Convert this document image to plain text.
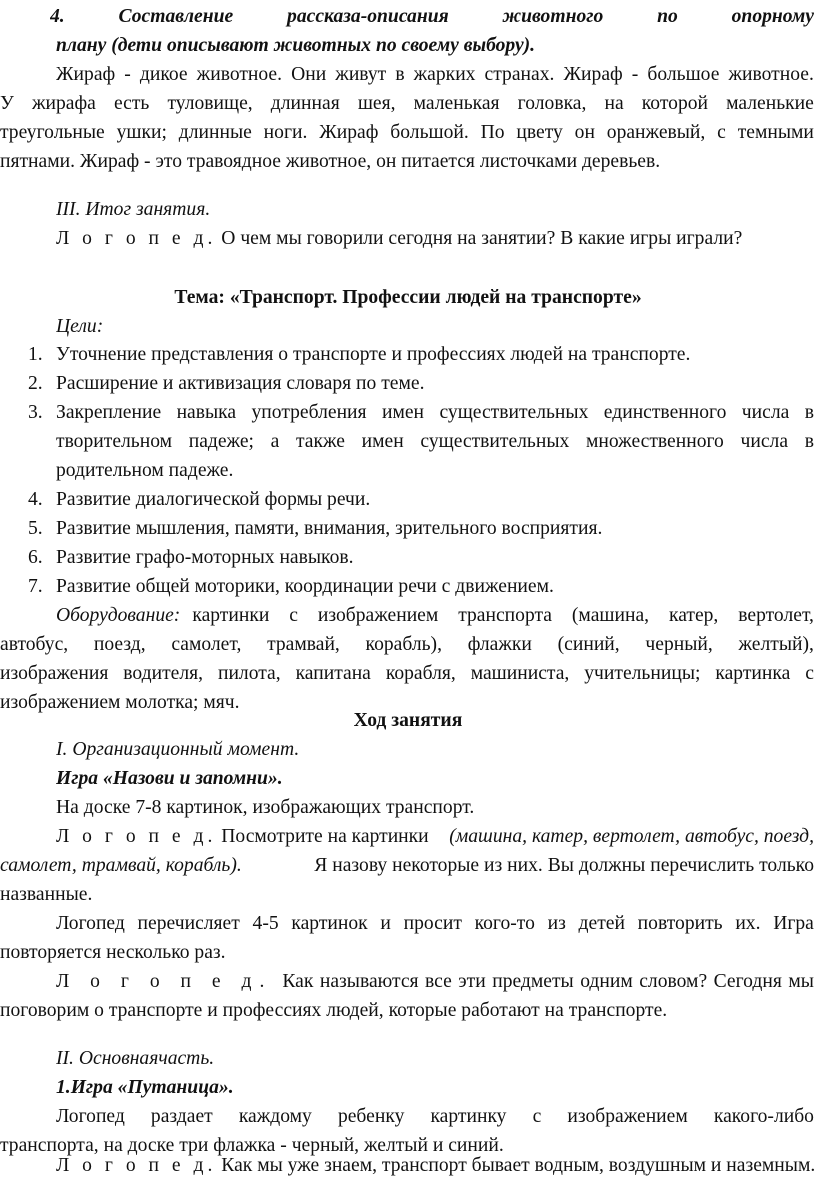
4.	Составление	рассказа-описания	животного	по	опорному
плану (дети описывают животных по своему выбору).
Жираф - дикое животное. Они живут в жарких странах. Жираф - большое животное.
У жирафа есть туловище, длинная шея, маленькая головка, на которой маленькие
треугольные ушки; длинные ноги. Жираф большой. По цвету он оранжевый, с темными
пятнами. Жираф - это травоядное животное, он питается листочками деревьев.
III. Итог занятия.
Л о г о п е д. О чем мы говорили сегодня на занятии? В какие игры играли?
Тема: «Транспорт. Профессии людей на транспорте»
Цели:
1. Уточнение представления о транспорте и профессиях людей на транспорте.
2. Расширение и активизация словаря по теме.
3. Закрепление навыка употребления имен существительных единственного числа в
творительном падеже; а также имен существительных множественного числа в
родительном падеже.
4. Развитие диалогической формы речи.
5. Развитие мышления, памяти, внимания, зрительного восприятия.
6. Развитие графо-моторных навыков.
7. Развитие общей моторики, координации речи с движением.
Оборудование: картинки с изображением транспорта (машина, катер, вертолет,
автобус, поезд, самолет, трамвай, корабль), флажки (синий, черный, желтый),
изображения водителя, пилота, капитана корабля, машиниста, учительницы; картинка с
изображением молотка; мяч.
Ход занятия
I. Организационный момент.
Игра «Назови и запомни».
На доске 7-8 картинок, изображающих транспорт.
Л о г о п е д. Посмотрите на картинки (машина, катер, вертолет, автобус, поезд,
самолет, трамвай, корабль).	Я назову некоторые из них. Вы должны перечислить только
названные.
Логопед перечисляет 4-5 картинок и просит кого-то из детей повторить их. Игра
повторяется несколько раз.
Л о г о п е д. Как называются все эти предметы одним словом? Сегодня мы
поговорим о транспорте и профессиях людей, которые работают на транспорте.
II. Основнаячасть.
1.Игра «Путаница».
Логопед раздает каждому ребенку картинку с изображением какого-либо
транспорта, на доске три флажка - черный, желтый и синий.
Л о г о п е д. Как мы уже знаем, транспорт бывает водным, воздушным и наземным.
